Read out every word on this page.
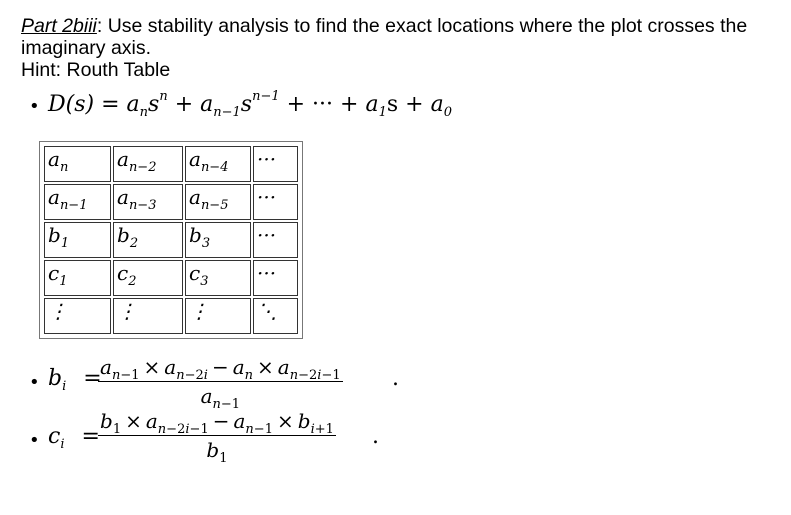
Part 2biii: Use stability analysis to find the exact locations where the plot crosses the imaginary axis.
Hint: Routh Table
• $D(s) = a_ns^n + a_{n-1}s^{n-1}$ + ··· + $a_1s + a_0$
$a_n$	$a_{n-2}$	$a_{n-4}$	···
$a_{n-1}$	$a_{n-3}$	$a_{n-5}$	···
$b_1$	$b_2$	$b_3$	···
$c_1$	$c_2$	$c_3$	···
⋮	⋮	⋮	⋱
• $b_i$ =
$a_{n-1} \times a_{n-2i} - a_n \times a_{n-2i-1}$
$a_{n-1}$
.
• $c_i$ =
$b_1 \times a_{n-2i-1} - a_{n-1} \times b_{i+1}$
$b_1$
.
